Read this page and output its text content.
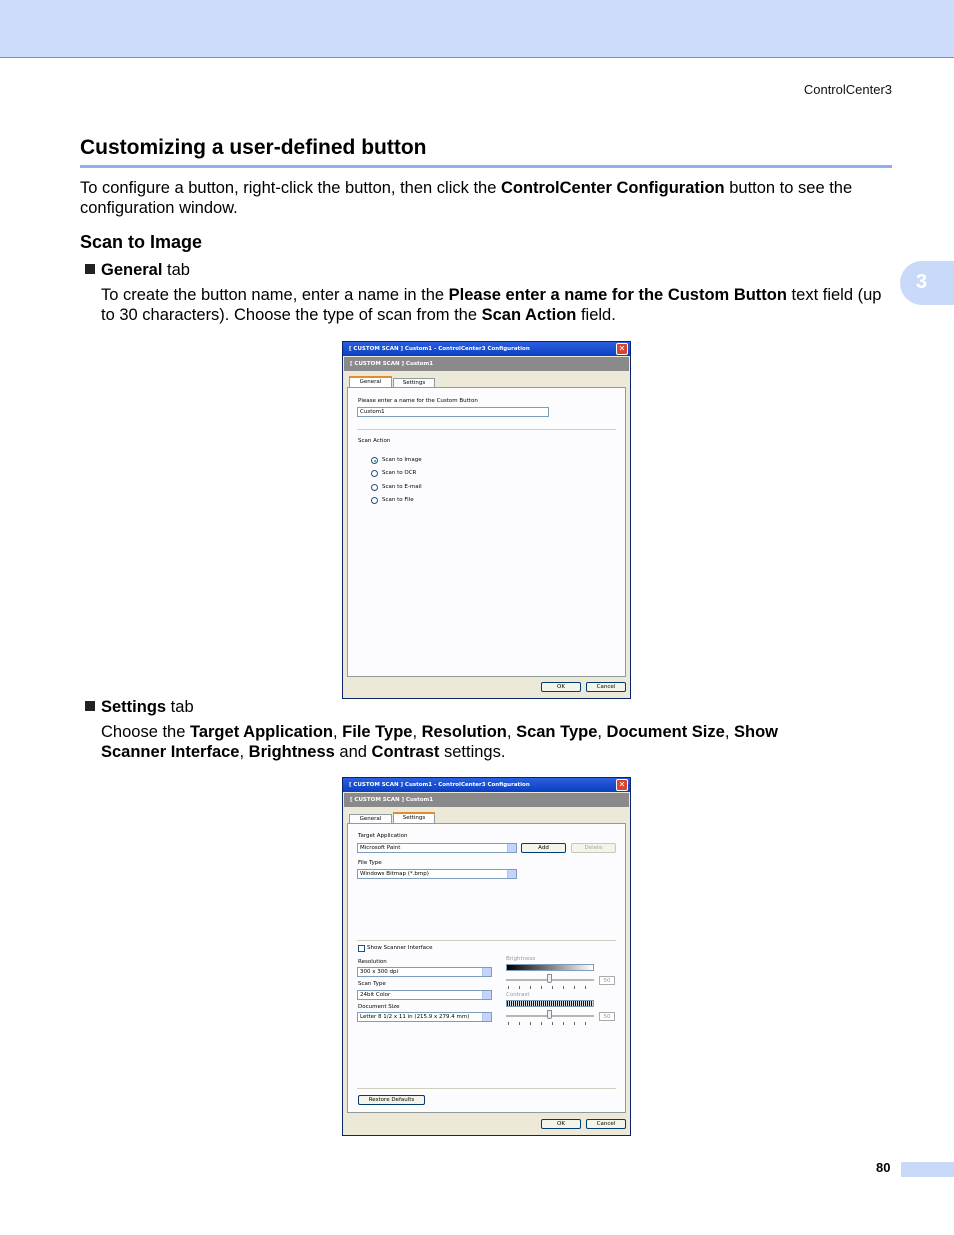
ControlCenter3
3
Customizing a user-defined button
To configure a button, right-click the button, then click the ControlCenter Configuration button to see the configuration window.
Scan to Image
General tab
To create the button name, enter a name in the Please enter a name for the Custom Button text field (up to 30 characters). Choose the type of scan from the Scan Action field.
[ CUSTOM SCAN ] Custom1 - ControlCenter3 Configuration	✕
[ CUSTOM SCAN ] Custom1
General	Settings
Please enter a name for the Custom Button
Custom1
Scan Action
Scan to Image
Scan to OCR
Scan to E-mail
Scan to File
OK	Cancel
Settings tab
Choose the Target Application, File Type, Resolution, Scan Type, Document Size, Show Scanner Interface, Brightness and Contrast settings.
[ CUSTOM SCAN ] Custom1 - ControlCenter3 Configuration	✕
[ CUSTOM SCAN ] Custom1
General	Settings
Target Application
Microsoft Paint	Add	Delete
File Type
Windows Bitmap (*.bmp)
Show Scanner Interface
Resolution
300 x 300 dpi
Scan Type
24bit Color
Document Size
Letter 8 1/2 x 11 in (215.9 x 279.4 mm)
Brightness
50
Contrast
50
Restore Defaults
OK	Cancel
80
